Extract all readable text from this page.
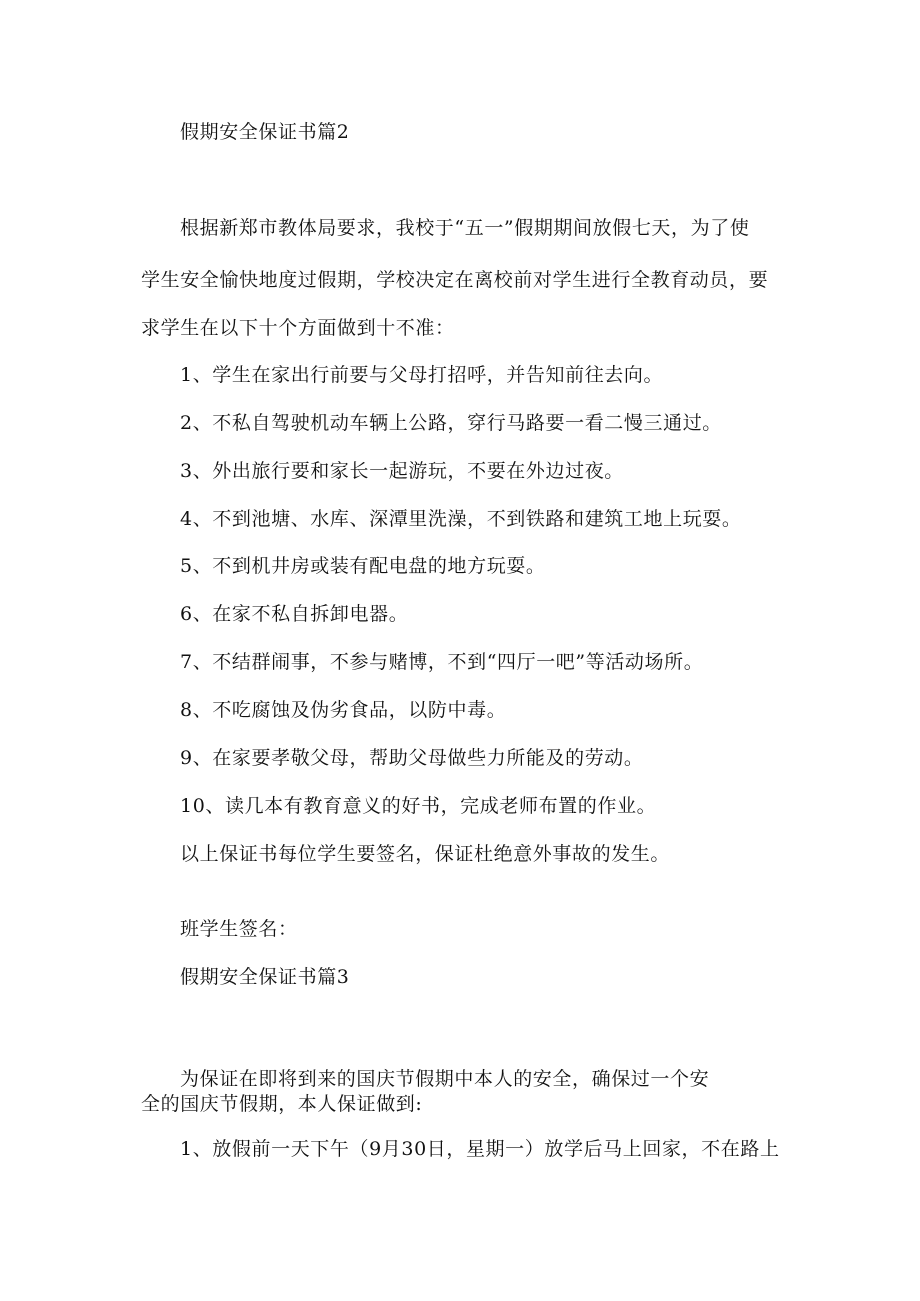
假期安全保证书篇2

根据新郑市教体局要求，我校于“五一”假期期间放假七天，为了使

学生安全愉快地度过假期，学校决定在离校前对学生进行全教育动员，要

求学生在以下十个方面做到十不准：

1、学生在家出行前要与父母打招呼，并告知前往去向。

2、不私自驾驶机动车辆上公路，穿行马路要一看二慢三通过。

3、外出旅行要和家长一起游玩，不要在外边过夜。

4、不到池塘、水库、深潭里洗澡，不到铁路和建筑工地上玩耍。

5、不到机井房或装有配电盘的地方玩耍。

6、在家不私自拆卸电器。

7、不结群闹事，不参与赌博，不到“四厅一吧”等活动场所。

8、不吃腐蚀及伪劣食品，以防中毒。

9、在家要孝敬父母，帮助父母做些力所能及的劳动。

10、读几本有教育意义的好书，完成老师布置的作业。

以上保证书每位学生要签名，保证杜绝意外事故的发生。

班学生签名：

假期安全保证书篇3

为保证在即将到来的国庆节假期中本人的安全，确保过一个安

全的国庆节假期，本人保证做到:

1、放假前一天下午（9月30日，星期一）放学后马上回家，不在路上
